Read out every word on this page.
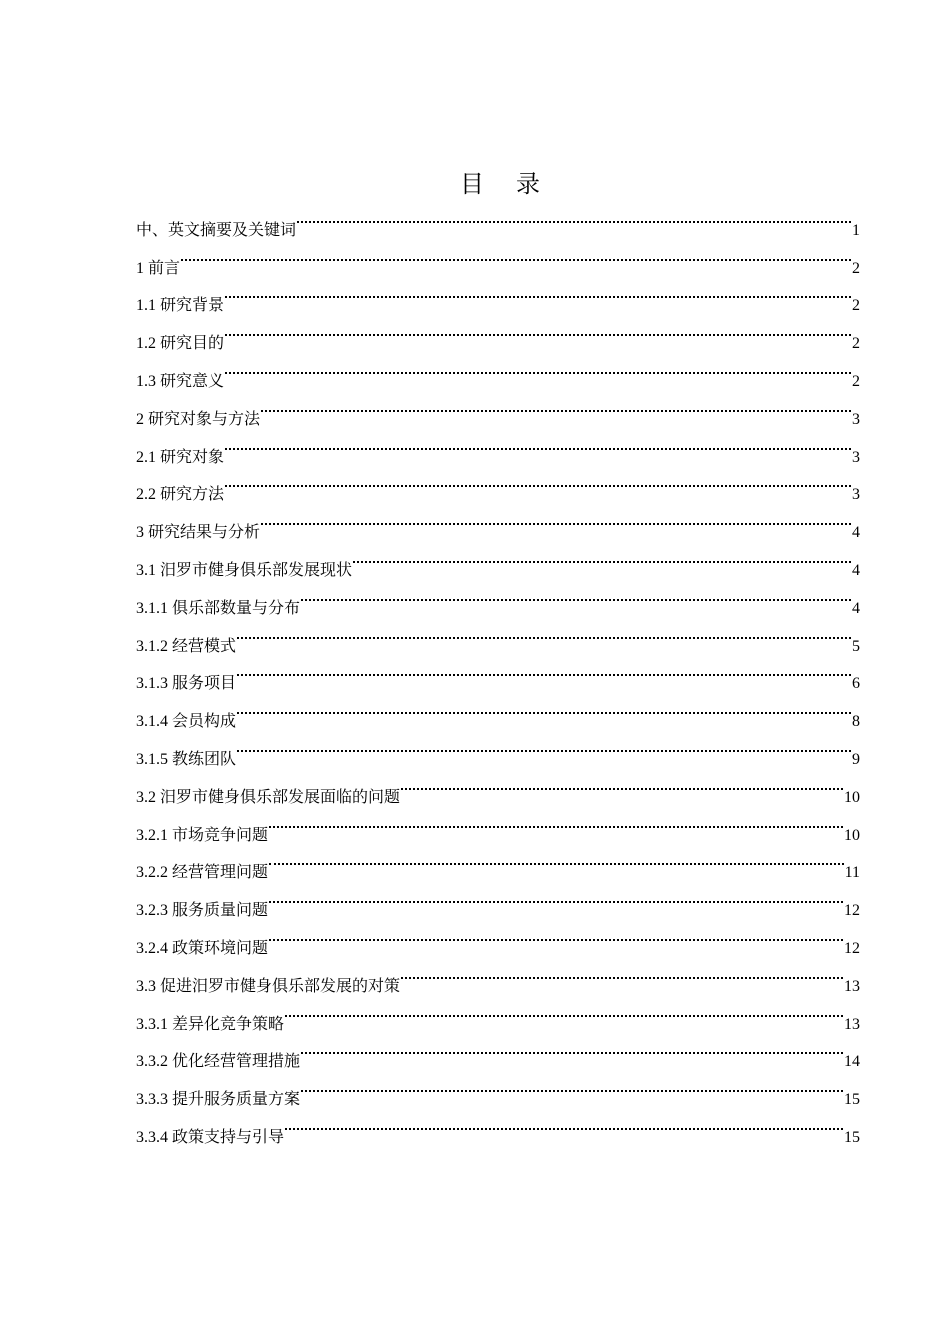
目 录
中、英文摘要及关键词	1
1 前言	2
1.1 研究背景	2
1.2 研究目的	2
1.3 研究意义	2
2 研究对象与方法	3
2.1 研究对象	3
2.2 研究方法	3
3 研究结果与分析	4
3.1 汨罗市健身俱乐部发展现状	4
3.1.1 俱乐部数量与分布	4
3.1.2 经营模式	5
3.1.3 服务项目	6
3.1.4 会员构成	8
3.1.5 教练团队	9
3.2 汨罗市健身俱乐部发展面临的问题	10
3.2.1 市场竞争问题	10
3.2.2 经营管理问题	11
3.2.3 服务质量问题	12
3.2.4 政策环境问题	12
3.3 促进汨罗市健身俱乐部发展的对策	13
3.3.1 差异化竞争策略	13
3.3.2 优化经营管理措施	14
3.3.3 提升服务质量方案	15
3.3.4 政策支持与引导	15
